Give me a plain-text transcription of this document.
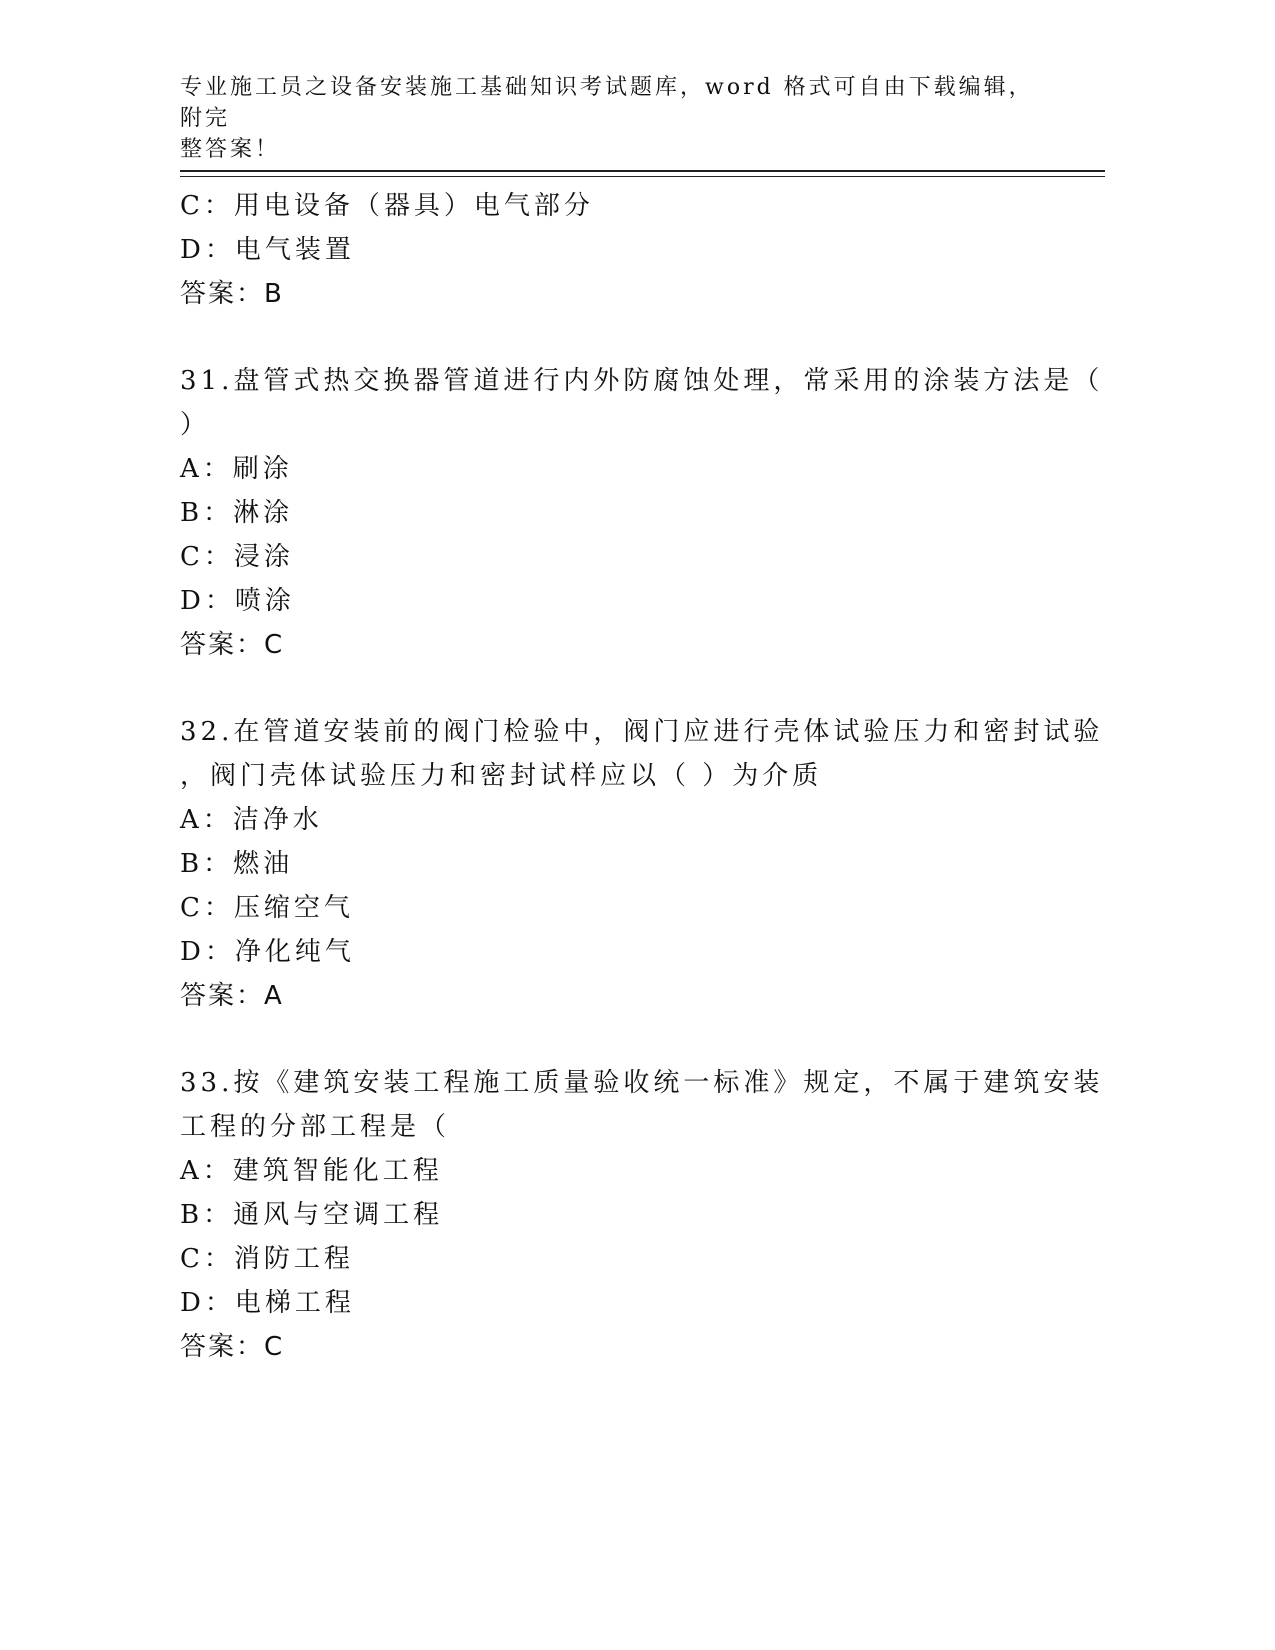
专业施工员之设备安装施工基础知识考试题库，word 格式可自由下载编辑，附完
整答案！
C：用电设备（器具）电气部分
D：电气装置
答案：B
31.盘管式热交换器管道进行内外防腐蚀处理，常采用的涂装方法是（
）
A：刷涂
B：淋涂
C：浸涂
D：喷涂
答案：C
32.在管道安装前的阀门检验中，阀门应进行壳体试验压力和密封试验
，阀门壳体试验压力和密封试样应以（ ）为介质
A：洁净水
B：燃油
C：压缩空气
D：净化纯气
答案：A
33.按《建筑安装工程施工质量验收统一标准》规定，不属于建筑安装
工程的分部工程是（
A：建筑智能化工程
B：通风与空调工程
C：消防工程
D：电梯工程
答案：C
